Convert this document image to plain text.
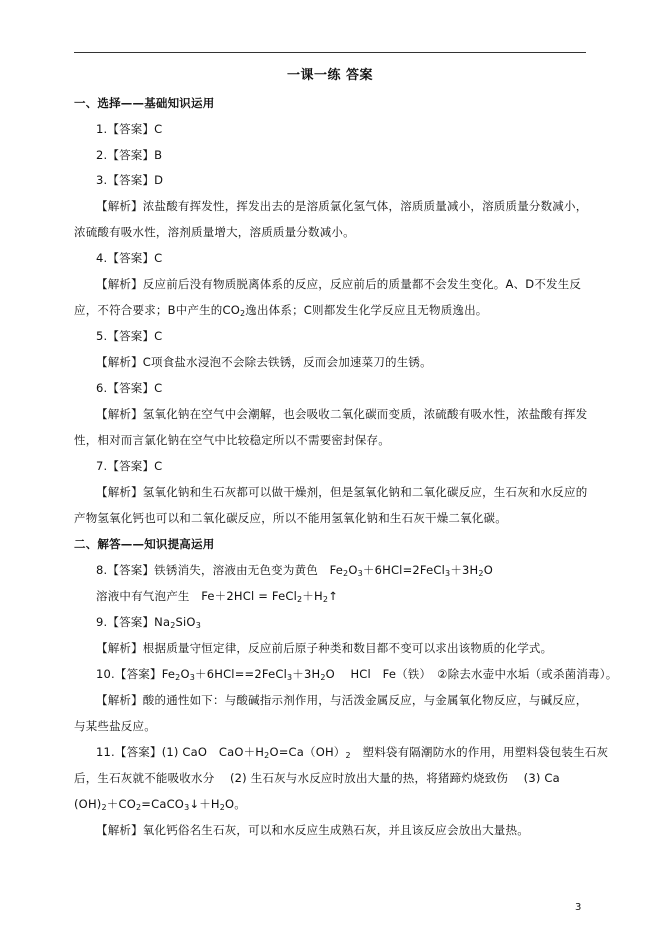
一课一练 答案
一、选择——基础知识运用
1.【答案】C
2.【答案】B
3.【答案】D
【解析】浓盐酸有挥发性，挥发出去的是溶质氯化氢气体，溶质质量减小，溶质质量分数减小，
浓硫酸有吸水性，溶剂质量增大，溶质质量分数减小。
4.【答案】C
【解析】反应前后没有物质脱离体系的反应，反应前后的质量都不会发生变化。A、D不发生反
应，不符合要求；B中产生的$CO_2$逸出体系；C则都发生化学反应且无物质逸出。
5.【答案】C
【解析】C项食盐水浸泡不会除去铁锈，反而会加速菜刀的生锈。
6.【答案】C
【解析】氢氧化钠在空气中会潮解，也会吸收二氧化碳而变质，浓硫酸有吸水性，浓盐酸有挥发
性，相对而言氯化钠在空气中比较稳定所以不需要密封保存。
7.【答案】C
【解析】氢氧化钠和生石灰都可以做干燥剂，但是氢氧化钠和二氧化碳反应，生石灰和水反应的
产物氢氧化钙也可以和二氧化碳反应，所以不能用氢氧化钠和生石灰干燥二氧化碳。
二、解答——知识提高运用
8.【答案】铁锈消失，溶液由无色变为黄色 $Fe_2O_3+6HCl=2FeCl_3+3H_2O$
溶液中有气泡产生 $Fe+2HCl = FeCl_2+H_2↑$
9.【答案】$Na_2SiO_3$
【解析】根据质量守恒定律，反应前后原子种类和数目都不变可以求出该物质的化学式。
10.【答案】$Fe_2O_3+6HCl==2FeCl_3+3H_2O$　 HCl　Fe（铁）　②除去水壶中水垢（或杀菌消毒）。
【解析】酸的通性如下：与酸碱指示剂作用，与活泼金属反应，与金属氧化物反应，与碱反应，
与某些盐反应。
11.【答案】(1) CaO　$CaO+H_2O=Ca(OH)_2$　塑料袋有隔潮防水的作用，用塑料袋包装生石灰
后，生石灰就不能吸收水分　 (2) 生石灰与水反应时放出大量的热，将猪蹄灼烧致伤　 (3) Ca
$(OH)_2+CO_2=CaCO_3↓+H_2O$。
【解析】氧化钙俗名生石灰，可以和水反应生成熟石灰，并且该反应会放出大量热。
3
